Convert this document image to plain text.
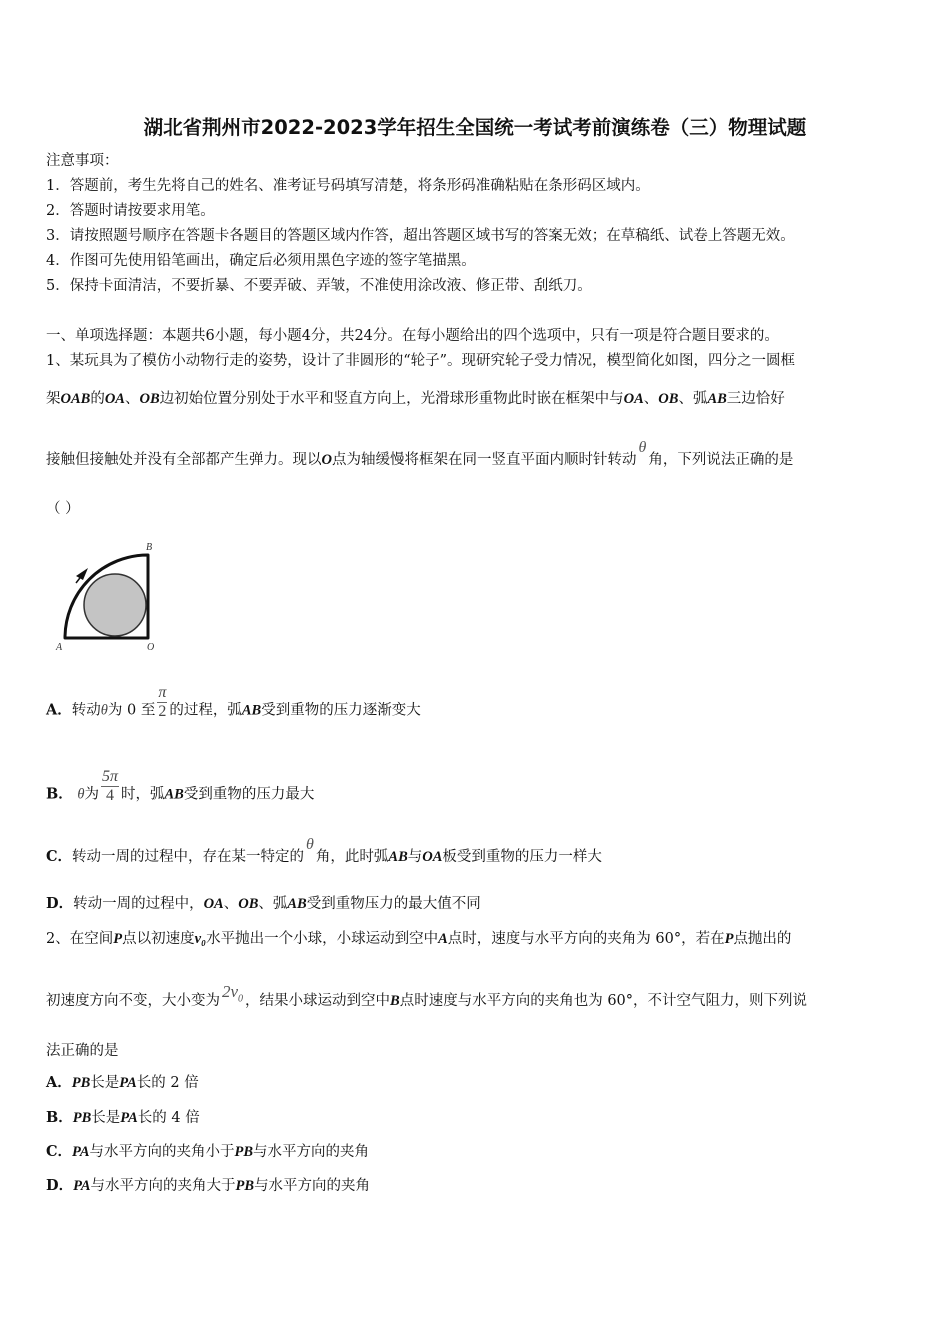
湖北省荆州市2022-2023学年招生全国统一考试考前演练卷（三）物理试题
注意事项：
1．答题前，考生先将自己的姓名、准考证号码填写清楚，将条形码准确粘贴在条形码区域内。
2．答题时请按要求用笔。
3．请按照题号顺序在答题卡各题目的答题区域内作答，超出答题区域书写的答案无效；在草稿纸、试卷上答题无效。
4．作图可先使用铅笔画出，确定后必须用黑色字迹的签字笔描黑。
5．保持卡面清洁，不要折暴、不要弄破、弄皱，不准使用涂改液、修正带、刮纸刀。
一、单项选择题：本题共6小题，每小题4分，共24分。在每小题给出的四个选项中，只有一项是符合题目要求的。
1、某玩具为了模仿小动物行走的姿势，设计了非圆形的“轮子”。现研究轮子受力情况，模型简化如图，四分之一圆框
架OAB的OA、OB边初始位置分别处于水平和竖直方向上，光滑球形重物此时嵌在框架中与OA、OB、弧AB三边恰好
接触但接触处并没有全部都产生弹力。现以O点为轴缓慢将框架在同一竖直平面内顺时针转动θ角，下列说法正确的是
（ ）
B
A	O
A．转动θ为 0 至 $\frac{\pi}{2}$ 的过程，弧AB受到重物的压力逐渐变大
B． θ为 $\frac{5\pi}{4}$ 时，弧AB受到重物的压力最大
C．转动一周的过程中，存在某一特定的θ角，此时弧AB与OA板受到重物的压力一样大
D．转动一周的过程中，OA、OB、弧AB受到重物压力的最大值不同
2、在空间P点以初速度v₀水平抛出一个小球，小球运动到空中A点时，速度与水平方向的夹角为 60°，若在P点抛出的
初速度方向不变，大小变为 $2v_0$ ，结果小球运动到空中B点时速度与水平方向的夹角也为 60°，不计空气阻力，则下列说
法正确的是
A．PB长是PA长的 2 倍
B．PB长是PA长的 4 倍
C．PA与水平方向的夹角小于PB与水平方向的夹角
D．PA与水平方向的夹角大于PB与水平方向的夹角
